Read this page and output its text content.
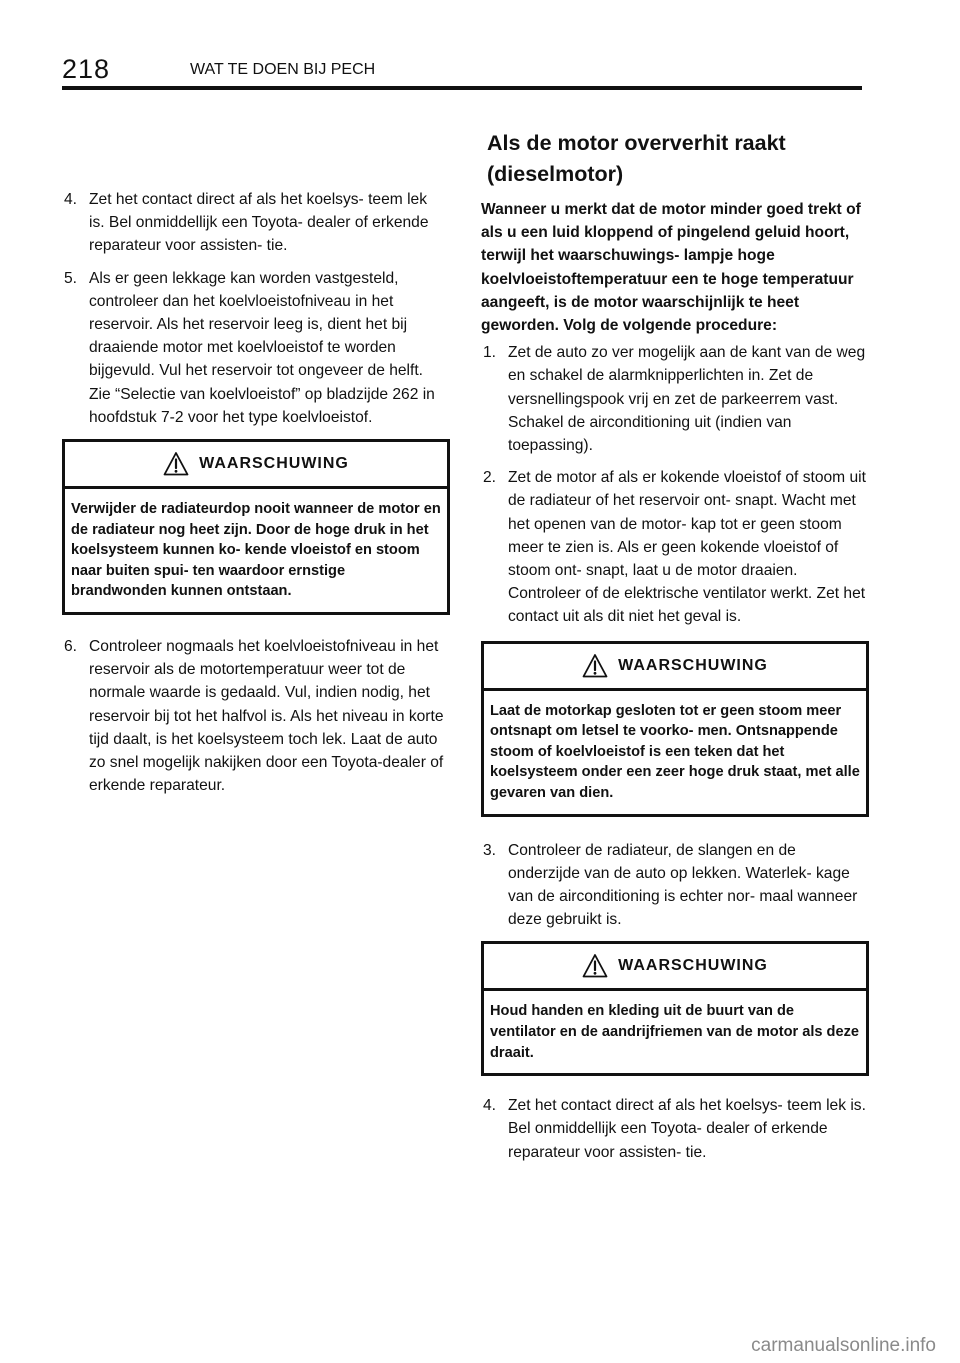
218	WAT TE DOEN BIJ PECH
4. Zet het contact direct af als het koelsys- teem lek is. Bel onmiddellijk een Toyota- dealer of erkende reparateur voor assisten- tie.
5. Als er geen lekkage kan worden vastgesteld, controleer dan het koelvloeistofniveau in het reservoir. Als het reservoir leeg is, dient het bij draaiende motor met koelvloeistof te worden bijgevuld. Vul het reservoir tot ongeveer de helft. Zie “Selectie van koelvloeistof” op bladzijde 262 in hoofdstuk 7-2 voor het type koelvloeistof.
WAARSCHUWING
Verwijder de radiateurdop nooit wanneer de motor en de radiateur nog heet zijn. Door de hoge druk in het koelsysteem kunnen ko- kende vloeistof en stoom naar buiten spui- ten waardoor ernstige brandwonden kunnen ontstaan.
6. Controleer nogmaals het koelvloeistofniveau in het reservoir als de motortemperatuur weer tot de normale waarde is gedaald. Vul, indien nodig, het reservoir bij tot het halfvol is. Als het niveau in korte tijd daalt, is het koelsysteem toch lek. Laat de auto zo snel mogelijk nakijken door een Toyota-dealer of erkende reparateur.
Als de motor oververhit raakt (dieselmotor)
Wanneer u merkt dat de motor minder goed trekt of als u een luid kloppend of pingelend geluid hoort, terwijl het waarschuwings- lampje hoge koelvloeistoftemperatuur een te hoge temperatuur aangeeft, is de motor waarschijnlijk te heet geworden. Volg de volgende procedure:
1. Zet de auto zo ver mogelijk aan de kant van de weg en schakel de alarmknipperlichten in. Zet de versnellingspook vrij en zet de parkeerrem vast. Schakel de airconditioning uit (indien van toepassing).
2. Zet de motor af als er kokende vloeistof of stoom uit de radiateur of het reservoir ont- snapt. Wacht met het openen van de motor- kap tot er geen stoom meer te zien is. Als er geen kokende vloeistof of stoom ont- snapt, laat u de motor draaien. Controleer of de elektrische ventilator werkt. Zet het contact uit als dit niet het geval is.
WAARSCHUWING
Laat de motorkap gesloten tot er geen stoom meer ontsnapt om letsel te voorko- men. Ontsnappende stoom of koelvloeistof is een teken dat het koelsysteem onder een zeer hoge druk staat, met alle gevaren van dien.
3. Controleer de radiateur, de slangen en de onderzijde van de auto op lekken. Waterlek- kage van de airconditioning is echter nor- maal wanneer deze gebruikt is.
WAARSCHUWING
Houd handen en kleding uit de buurt van de ventilator en de aandrijfriemen van de motor als deze draait.
4. Zet het contact direct af als het koelsys- teem lek is. Bel onmiddellijk een Toyota- dealer of erkende reparateur voor assisten- tie.
carmanualsonline.info
